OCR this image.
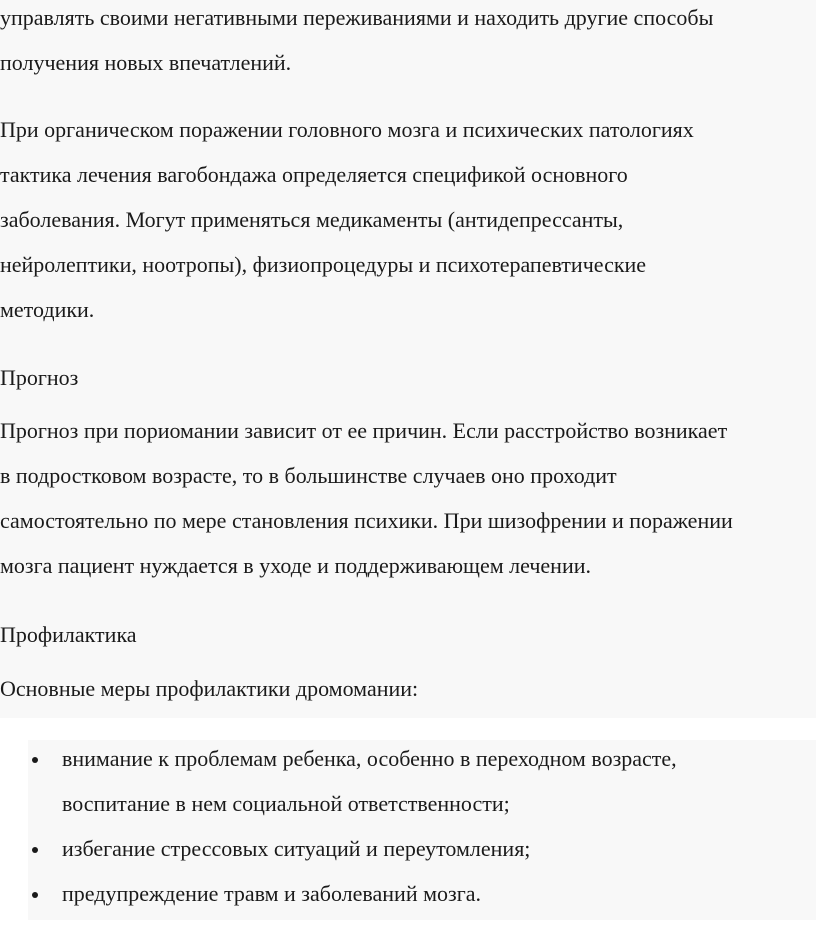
управлять своими негативными переживаниями и находить другие способы
получения новых впечатлений.

При органическом поражении головного мозга и психических патологиях
тактика лечения вагобондажа определяется спецификой основного
заболевания. Могут применяться медикаменты (антидепрессанты,
нейролептики, ноотропы), физиопроцедуры и психотерапевтические
методики.

Прогноз

Прогноз при пориомании зависит от ее причин. Если расстройство возникает
в подростковом возрасте, то в большинстве случаев оно проходит
самостоятельно по мере становления психики. При шизофрении и поражении
мозга пациент нуждается в уходе и поддерживающем лечении.

Профилактика

Основные меры профилактики дромомании:

внимание к проблемам ребенка, особенно в переходном возрасте,
воспитание в нем социальной ответственности;
избегание стрессовых ситуаций и переутомления;
предупреждение травм и заболеваний мозга.
